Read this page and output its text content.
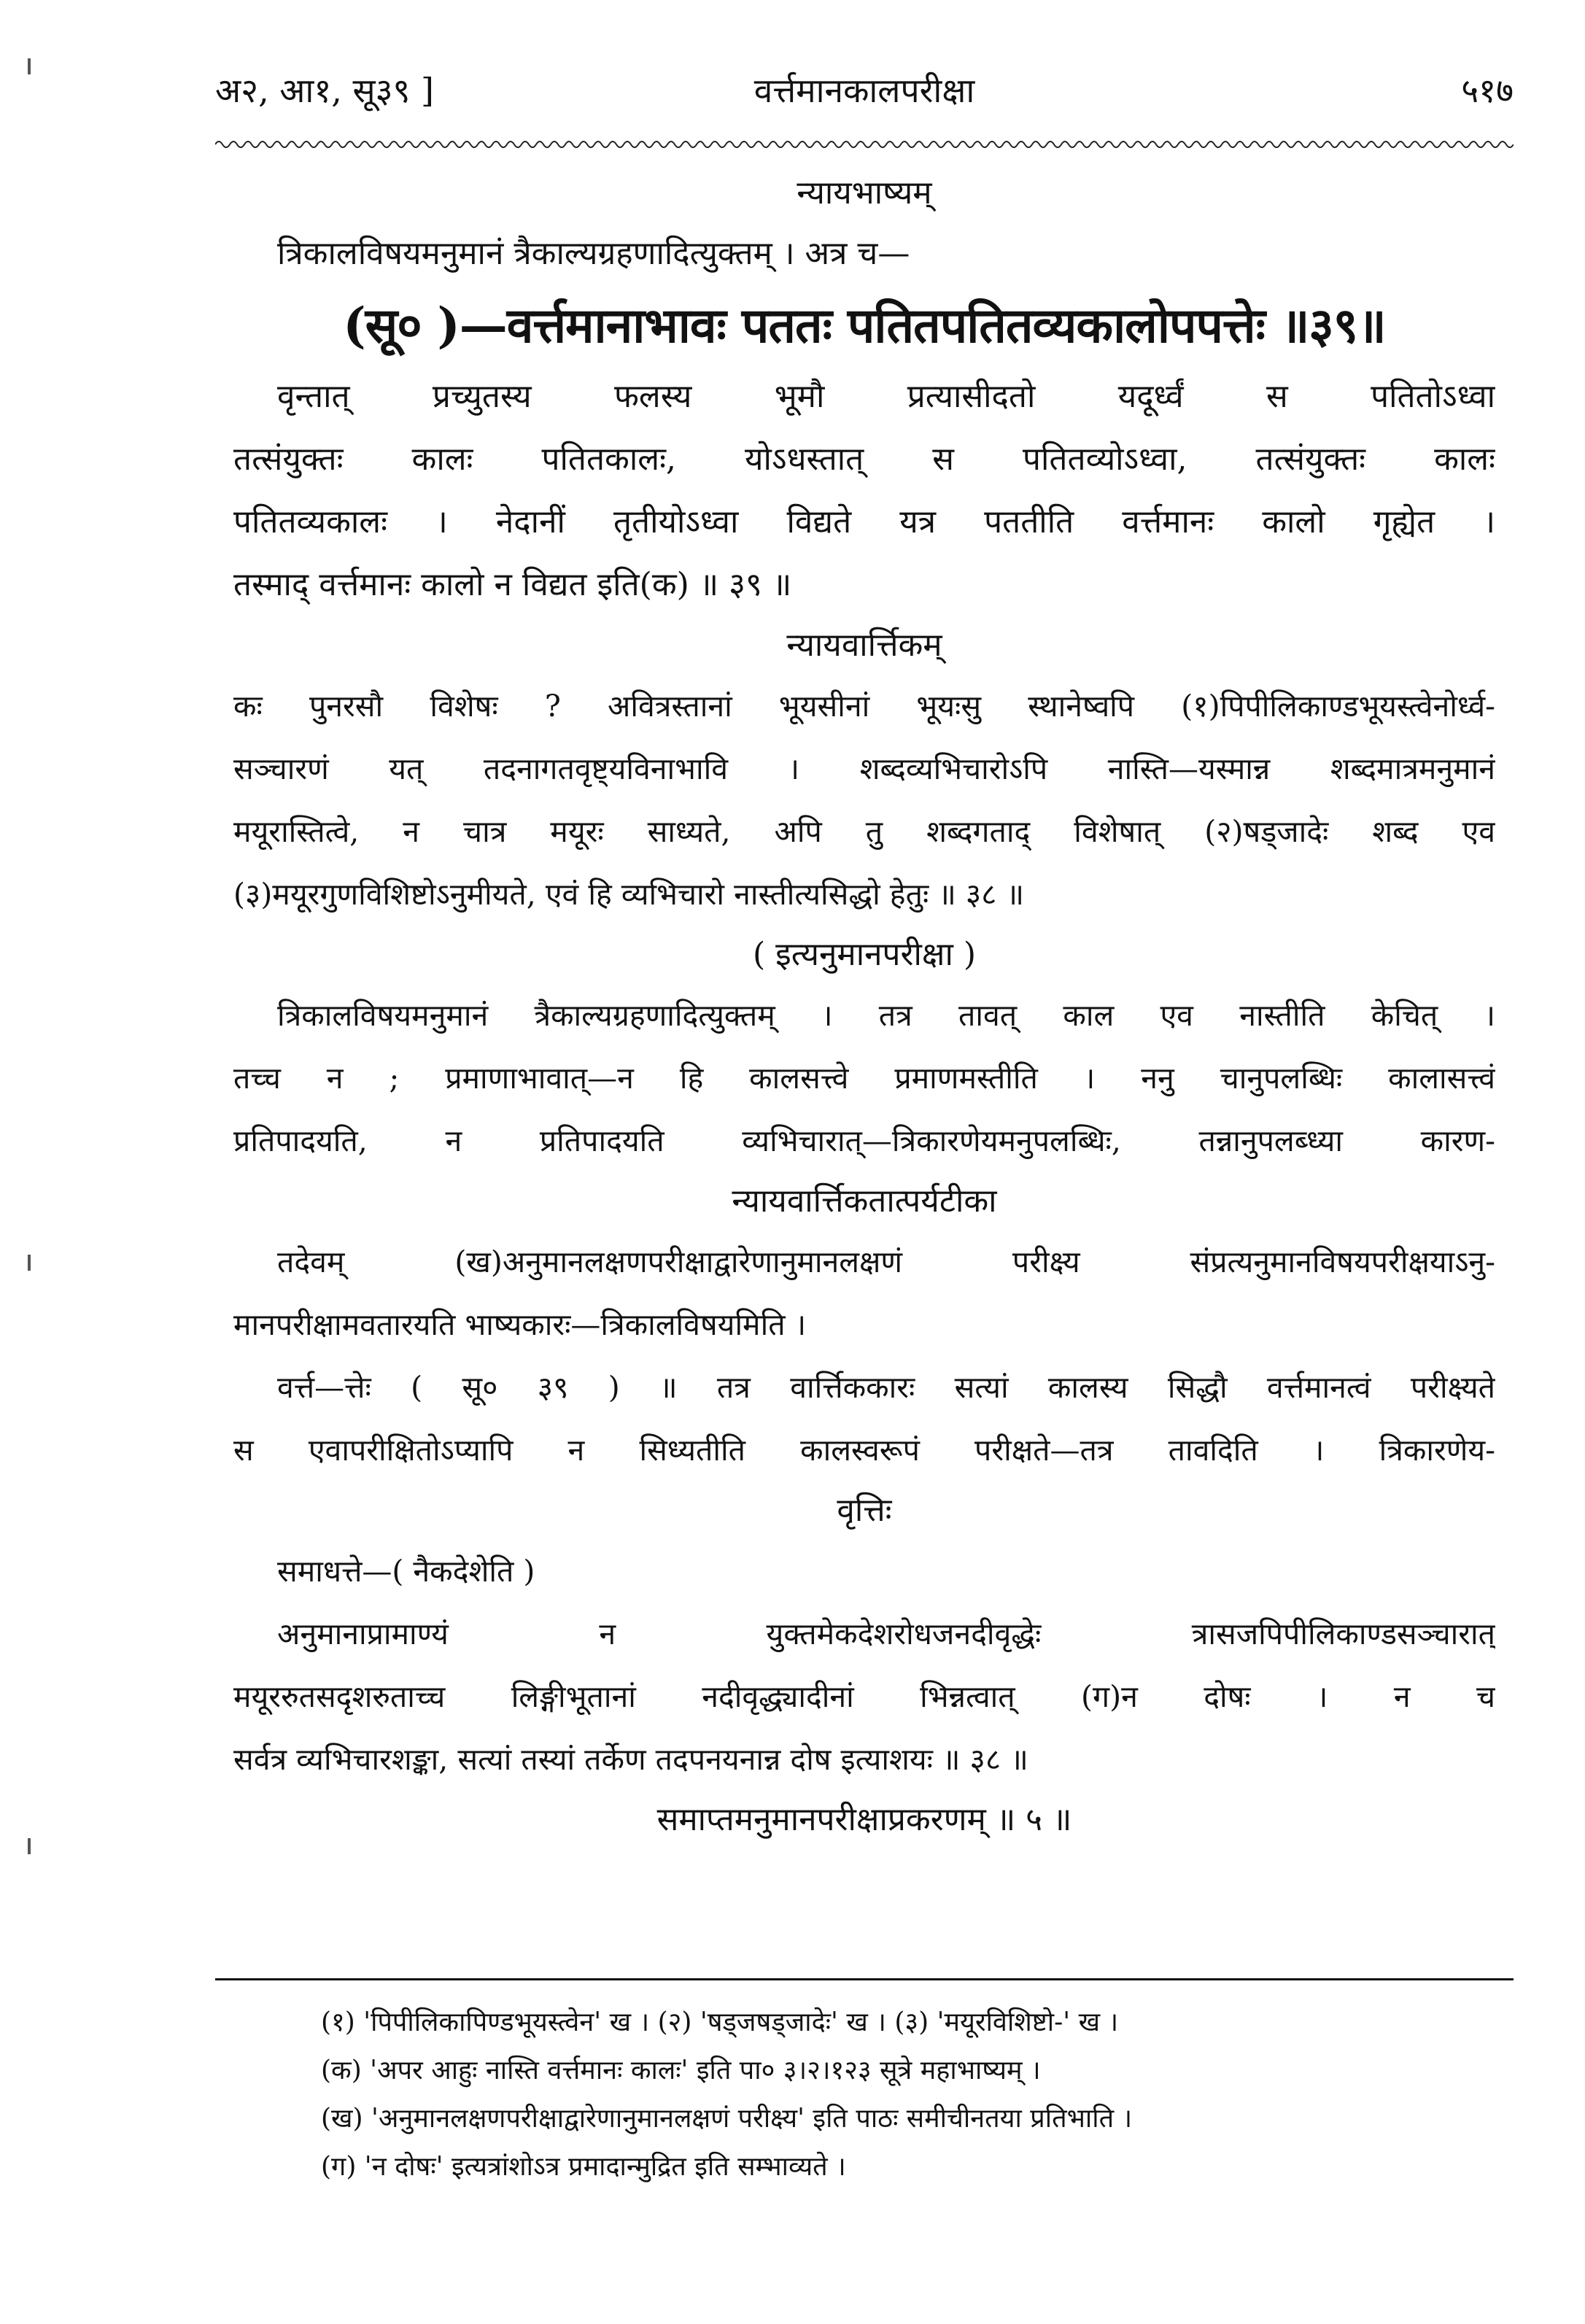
अ२, आ१, सू३९ ]	वर्त्तमानकालपरीक्षा	५१७
न्यायभाष्यम्
त्रिकालविषयमनुमानं त्रैकाल्यग्रहणादित्युक्तम् । अत्र च—
(सू० )—वर्त्तमानाभावः पततः पतितपतितव्यकालोपपत्तेः ॥३९॥
वृन्तात् प्रच्युतस्य फलस्य भूमौ प्रत्यासीदतो यदूर्ध्वं स पतितोऽध्वा
तत्संयुक्तः कालः पतितकालः, योऽधस्तात् स पतितव्योऽध्वा, तत्संयुक्तः कालः
पतितव्यकालः । नेदानीं तृतीयोऽध्वा विद्यते यत्र पततीति वर्त्तमानः कालो गृह्येत ।
तस्माद् वर्त्तमानः कालो न विद्यत इति(क) ॥ ३९ ॥
न्यायवार्त्तिकम्
कः पुनरसौ विशेषः ? अवित्रस्तानां भूयसीनां भूयःसु स्थानेष्वपि (१)पिपीलिकाण्डभूयस्त्वेनोर्ध्व-
सञ्चारणं यत् तदनागतवृष्ट्यविनाभावि । शब्दव्यभिचारोऽपि नास्ति—यस्मान्न शब्दमात्रमनुमानं
मयूरास्तित्वे, न चात्र मयूरः साध्यते, अपि तु शब्दगताद् विशेषात् (२)षड्जादेः शब्द एव
(३)मयूरगुणविशिष्टोऽनुमीयते, एवं हि व्यभिचारो नास्तीत्यसिद्धो हेतुः ॥ ३८ ॥
( इत्यनुमानपरीक्षा )
त्रिकालविषयमनुमानं त्रैकाल्यग्रहणादित्युक्तम् । तत्र तावत् काल एव नास्तीति केचित् ।
तच्च न ; प्रमाणाभावात्—न हि कालसत्त्वे प्रमाणमस्तीति । ननु चानुपलब्धिः कालासत्त्वं
प्रतिपादयति, न प्रतिपादयति व्यभिचारात्—त्रिकारणेयमनुपलब्धिः, तन्नानुपलब्ध्या कारण-
न्यायवार्त्तिकतात्पर्यटीका
तदेवम् (ख)अनुमानलक्षणपरीक्षाद्वारेणानुमानलक्षणं परीक्ष्य संप्रत्यनुमानविषयपरीक्षयाऽनु-
मानपरीक्षामवतारयति भाष्यकारः—त्रिकालविषयमिति ।
वर्त्त—त्तेः ( सू० ३९ ) ॥ तत्र वार्त्तिककारः सत्यां कालस्य सिद्धौ वर्त्तमानत्वं परीक्ष्यते
स एवापरीक्षितोऽप्यापि न सिध्यतीति कालस्वरूपं परीक्षते—तत्र तावदिति । त्रिकारणेय-
वृत्तिः
समाधत्ते—( नैकदेशेति )
अनुमानाप्रामाण्यं न युक्तमेकदेशरोधजनदीवृद्धेः त्रासजपिपीलिकाण्डसञ्चारात्
मयूररुतसदृशरुताच्च लिङ्गीभूतानां नदीवृद्ध्यादीनां भिन्नत्वात् (ग)न दोषः । न च
सर्वत्र व्यभिचारशङ्का, सत्यां तस्यां तर्केण तदपनयनान्न दोष इत्याशयः ॥ ३८ ॥
समाप्तमनुमानपरीक्षाप्रकरणम् ॥ ५ ॥
(१) 'पिपीलिकापिण्डभूयस्त्वेन' ख । (२) 'षड्जषड्जादेः' ख । (३) 'मयूरविशिष्टो-' ख ।
(क) 'अपर आहुः नास्ति वर्त्तमानः कालः' इति पा० ३।२।१२३ सूत्रे महाभाष्यम् ।
(ख) 'अनुमानलक्षणपरीक्षाद्वारेणानुमानलक्षणं परीक्ष्य' इति पाठः समीचीनतया प्रतिभाति ।
(ग) 'न दोषः' इत्यत्रांशोऽत्र प्रमादान्मुद्रित इति सम्भाव्यते ।
